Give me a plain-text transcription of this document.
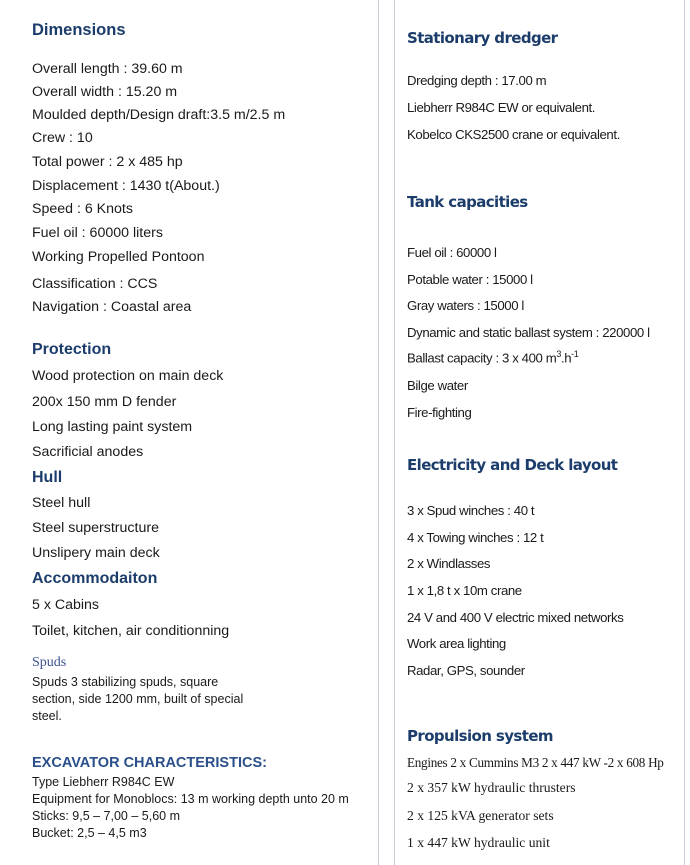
Dimensions
Overall length : 39.60 m
Overall width : 15.20 m
Moulded depth/Design draft:3.5 m/2.5 m
Crew : 10
Total power : 2 x 485 hp
Displacement : 1430 t(About.)
Speed : 6 Knots
Fuel oil : 60000 liters
Working Propelled Pontoon
Classification : CCS
Navigation : Coastal area
Protection
Wood protection on main deck
200x 150 mm D fender
Long lasting paint system
Sacrificial anodes
Hull
Steel hull
Steel superstructure
Unslipery main deck
Accommodaiton
5 x Cabins
Toilet, kitchen, air conditionning
Spuds
Spuds 3 stabilizing spuds, square
section, side 1200 mm, built of special
steel.
EXCAVATOR CHARACTERISTICS:
Type Liebherr R984C EW
Equipment for Monoblocs: 13 m working depth unto 20 m
Sticks: 9,5 – 7,00 – 5,60 m
Bucket: 2,5 – 4,5 m3
Stationary dredger
Dredging depth : 17.00 m
Liebherr R984C EW or equivalent.
Kobelco CKS2500 crane or equivalent.
Tank capacities
Fuel oil : 60000 l
Potable water : 15000 l
Gray waters : 15000 l
Dynamic and static ballast system : 220000 l
Ballast capacity : 3 x 400 $m^3.h^{-1}$
Bilge water
Fire-fighting
Electricity and Deck layout
3 x Spud winches : 40 t
4 x Towing winches : 12 t
2 x Windlasses
1 x 1,8 t x 10m crane
24 V and 400 V electric mixed networks
Work area lighting
Radar, GPS, sounder
Propulsion system
Engines 2 x Cummins M3 2 x 447 kW -2 x 608 Hp
2 x 357 kW hydraulic thrusters
2 x 125 kVA generator sets
1 x 447 kW hydraulic unit
